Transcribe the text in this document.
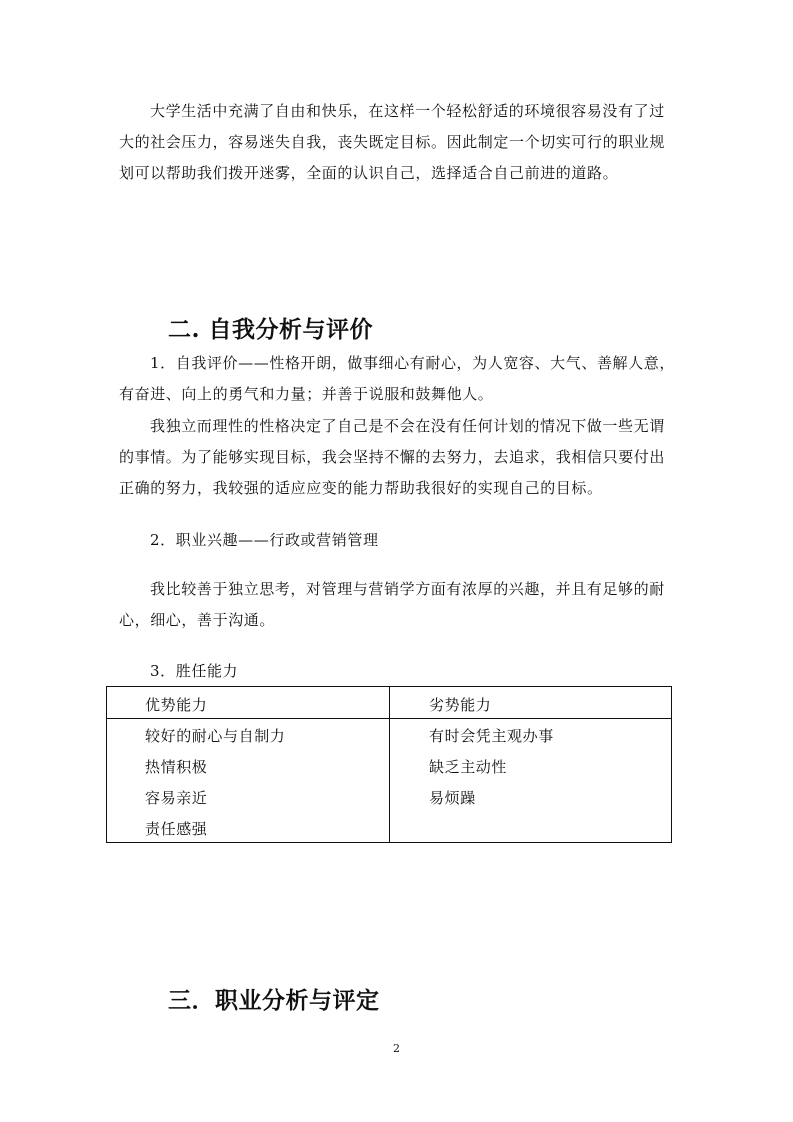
大学生活中充满了自由和快乐，在这样一个轻松舒适的环境很容易没有了过大的社会压力，容易迷失自我，丧失既定目标。因此制定一个切实可行的职业规划可以帮助我们拨开迷雾，全面的认识自己，选择适合自己前进的道路。

二. 自我分析与评价

1．自我评价——性格开朗，做事细心有耐心，为人宽容、大气、善解人意，有奋进、向上的勇气和力量；并善于说服和鼓舞他人。

我独立而理性的性格决定了自己是不会在没有任何计划的情况下做一些无谓的事情。为了能够实现目标，我会坚持不懈的去努力，去追求，我相信只要付出正确的努力，我较强的适应应变的能力帮助我很好的实现自己的目标。

2．职业兴趣——行政或营销管理

我比较善于独立思考，对管理与营销学方面有浓厚的兴趣，并且有足够的耐心，细心，善于沟通。

3．胜任能力

优势能力	劣势能力
较好的耐心与自制力
热情积极
容易亲近
责任感强
有时会凭主观办事
缺乏主动性
易烦躁
三．职业分析与评定
2
